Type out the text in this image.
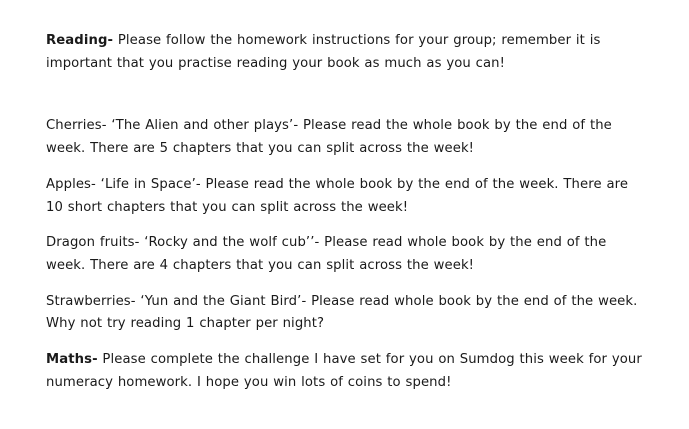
Reading- Please follow the homework instructions for your group; remember it is important that you practise reading your book as much as you can!

Cherries- ‘The Alien and other plays’- Please read the whole book by the end of the week. There are 5 chapters that you can split across the week!

Apples- ‘Life in Space’- Please read the whole book by the end of the week. There are 10 short chapters that you can split across the week!

Dragon fruits- ‘Rocky and the wolf cub’’- Please read whole book by the end of the week. There are 4 chapters that you can split across the week!

Strawberries- ‘Yun and the Giant Bird’- Please read whole book by the end of the week. Why not try reading 1 chapter per night?

Maths- Please complete the challenge I have set for you on Sumdog this week for your numeracy homework. I hope you win lots of coins to spend!
